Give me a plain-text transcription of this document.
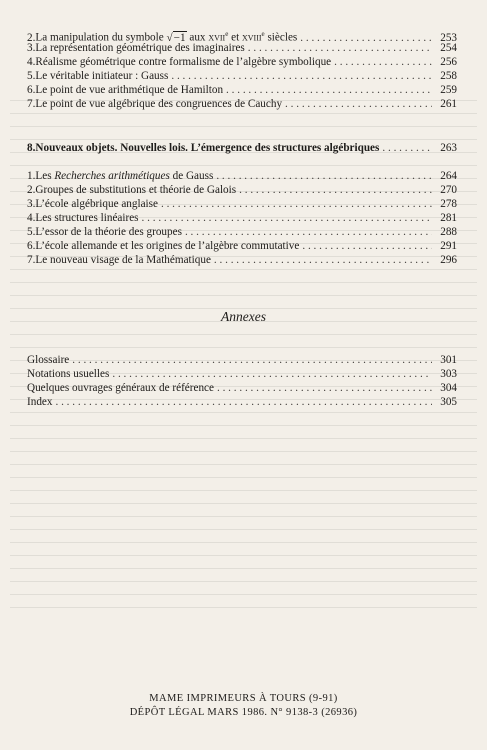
2. La manipulation du symbole √−1 aux xvii$^e$ et xviii$^e$ siècles . . .	253
3. La représentation géométrique des imaginaires . . .	254
4. Réalisme géométrique contre formalisme de l’algèbre symbolique . . .	256
5. Le véritable initiateur : Gauss . . .	258
6. Le point de vue arithmétique de Hamilton . . .	259
7. Le point de vue algébrique des congruences de Cauchy . . .	261
8. Nouveaux objets. Nouvelles lois. L’émergence des structures algébriques . . .	263
1. Les Recherches arithmétiques de Gauss . . .	264
2. Groupes de substitutions et théorie de Galois . . .	270
3. L’école algébrique anglaise . . .	278
4. Les structures linéaires . . .	281
5. L’essor de la théorie des groupes . . .	288
6. L’école allemande et les origines de l’algèbre commutative . . .	291
7. Le nouveau visage de la Mathématique . . .	296
Annexes
Glossaire . . .	301
Notations usuelles . . .	303
Quelques ouvrages généraux de référence . . .	304
Index . . .	305
MAME IMPRIMEURS À TOURS (9-91)
DÉPÔT LÉGAL MARS 1986. N° 9138-3 (26936)
